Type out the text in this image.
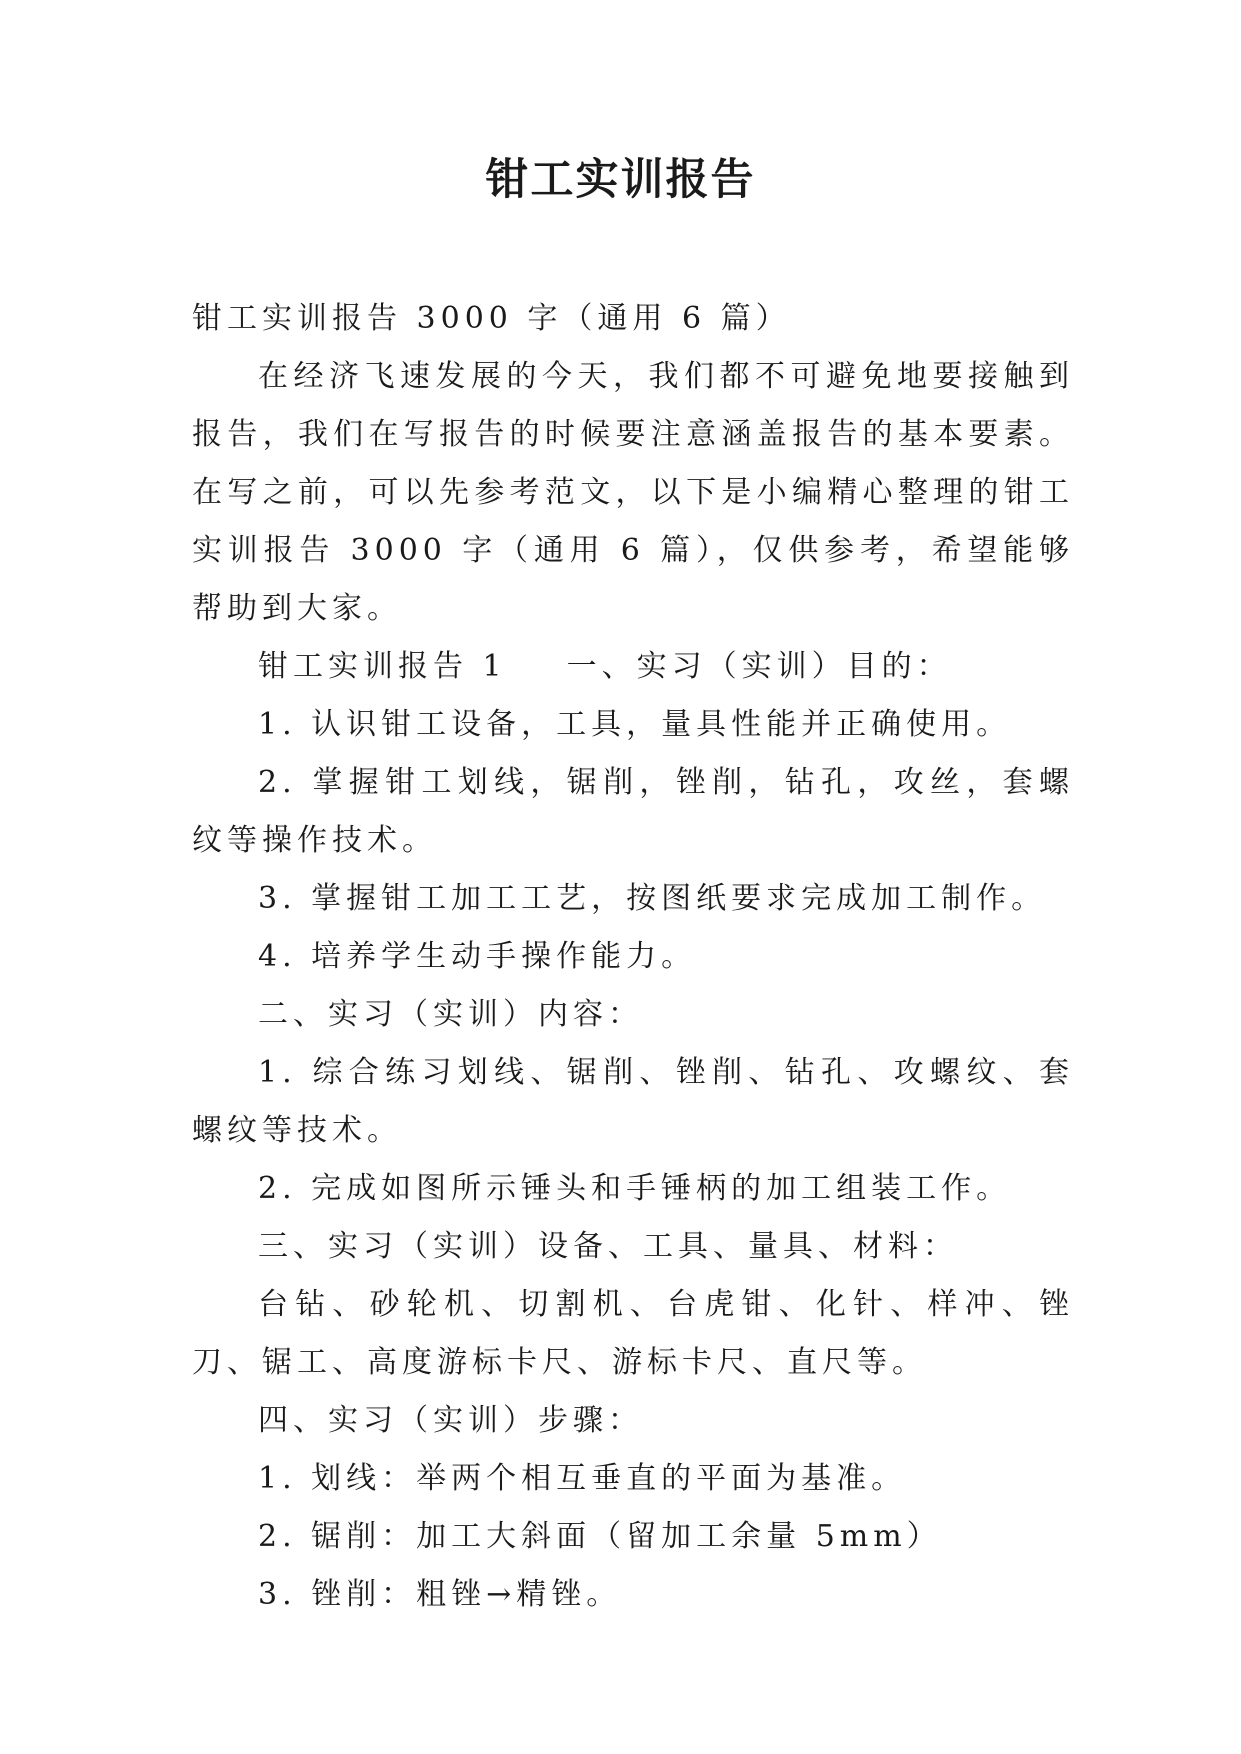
钳工实训报告

钳工实训报告 3000 字（通用 6 篇）

在经济飞速发展的今天，我们都不可避免地要接触到报告，我们在写报告的时候要注意涵盖报告的基本要素。在写之前，可以先参考范文，以下是小编精心整理的钳工实训报告 3000 字（通用 6 篇），仅供参考，希望能够帮助到大家。

钳工实训报告 1 一、实习（实训）目的：

1. 认识钳工设备，工具，量具性能并正确使用。

2. 掌握钳工划线，锯削，锉削，钻孔，攻丝，套螺纹等操作技术。

3. 掌握钳工加工工艺，按图纸要求完成加工制作。

4. 培养学生动手操作能力。

二、实习（实训）内容：

1. 综合练习划线、锯削、锉削、钻孔、攻螺纹、套螺纹等技术。

2. 完成如图所示锤头和手锤柄的加工组装工作。

三、实习（实训）设备、工具、量具、材料：

台钻、砂轮机、切割机、台虎钳、化针、样冲、锉刀、锯工、高度游标卡尺、游标卡尺、直尺等。

四、实习（实训）步骤：

1. 划线：举两个相互垂直的平面为基准。

2. 锯削：加工大斜面（留加工余量 5mm）

3. 锉削：粗锉→精锉。
